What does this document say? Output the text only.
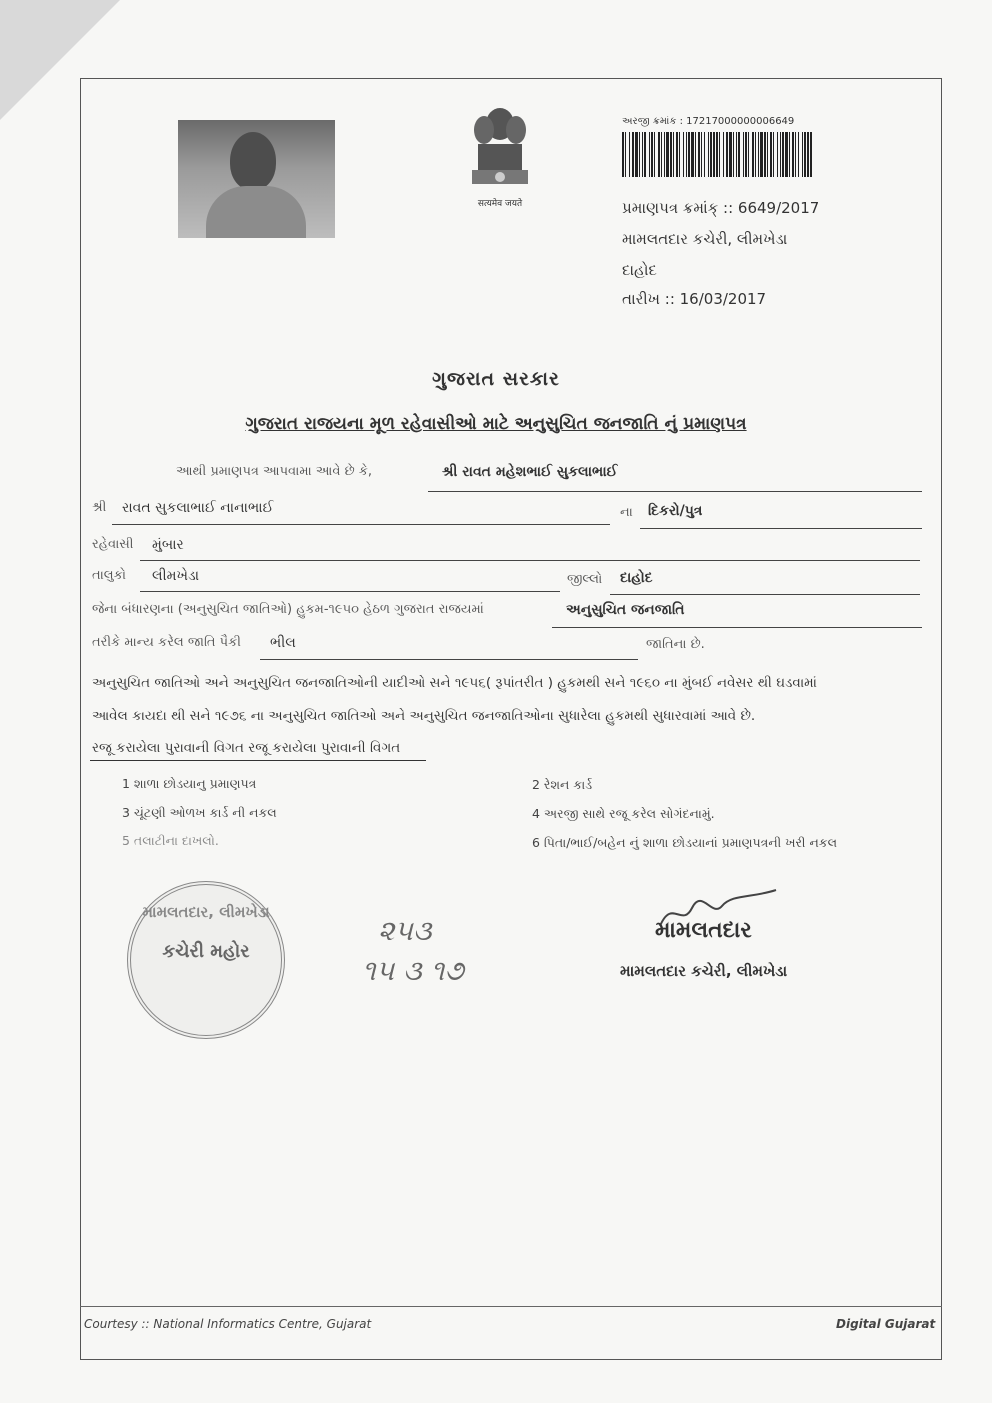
सत्यमेव जयते
અરજી ક્રમાંક : 17217000000006649
પ્રમાણપત્ર ક્રમાંક્ :: 6649/2017
મામલતદાર કચેરી, લીમખેડા
દાહોદ
તારીખ :: 16/03/2017
ગુજરાત સરકાર
ગુજરાત રાજયના મૂળ રહેવાસીઓ માટે અનુસુચિત જનજાતિ નું પ્રમાણપત્ર
આથી પ્રમાણપત્ર આપવામા આવે છે કે,	શ્રી રાવત મહેશભાઈ સુકલાભાઈ
શ્રી રાવત સુકલાભાઈ નાનાભાઈ	ના દિકરો/પુત્ર
રહેવાસી મુંબાર
તાલુકો લીમખેડા	જીલ્લો દાહોદ
જેના બંધારણના (અનુસુચિત જાતિઓ) હુકમ-૧૯૫૦ હેઠળ ગુજરાત રાજયમાં	અનુસુચિત જનજાતિ
તરીકે માન્ય કરેલ જાતિ પૈકી ભીલ	જાતિના છે.
અનુસુચિત જાતિઓ અને અનુસુચિત જનજાતિઓની યાદીઓ સને ૧૯૫૬( રૂપાંતરીત ) હુકમથી સને ૧૯૬૦ ના મુંબઈ નવેસર થી ઘડવામાં
આવેલ કાયદા થી સને ૧૯૭૬ ના અનુસુચિત જાતિઓ અને અનુસુચિત જનજાતિઓના સુધારેલા હુકમથી સુધારવામાં આવે છે.
રજૂ કરાયેલા પુરાવાની વિગત રજૂ કરાયેલા પુરાવાની વિગત
1 શાળા છોડયાનુ પ્રમાણપત્ર	2 રેશન કાર્ડ
3 ચૂંટણી ઓળખ કાર્ડ ની નકલ	4 અરજી સાથે રજૂ કરેલ સોગંદનામું.
5 તલાટીના દાખલો.	6 પિતા/ભાઈ/બહેન નું શાળા છોડયાનાં પ્રમાણપત્રની ખરી નકલ
મામલતદાર, લીમખેડા
કચેરી મહોર
૨૫૩
૧૫ ૩ ૧૭
મામલતદાર
મામલતદાર કચેરી, લીમખેડા
Courtesy :: National Informatics Centre, Gujarat	Digital Gujarat
